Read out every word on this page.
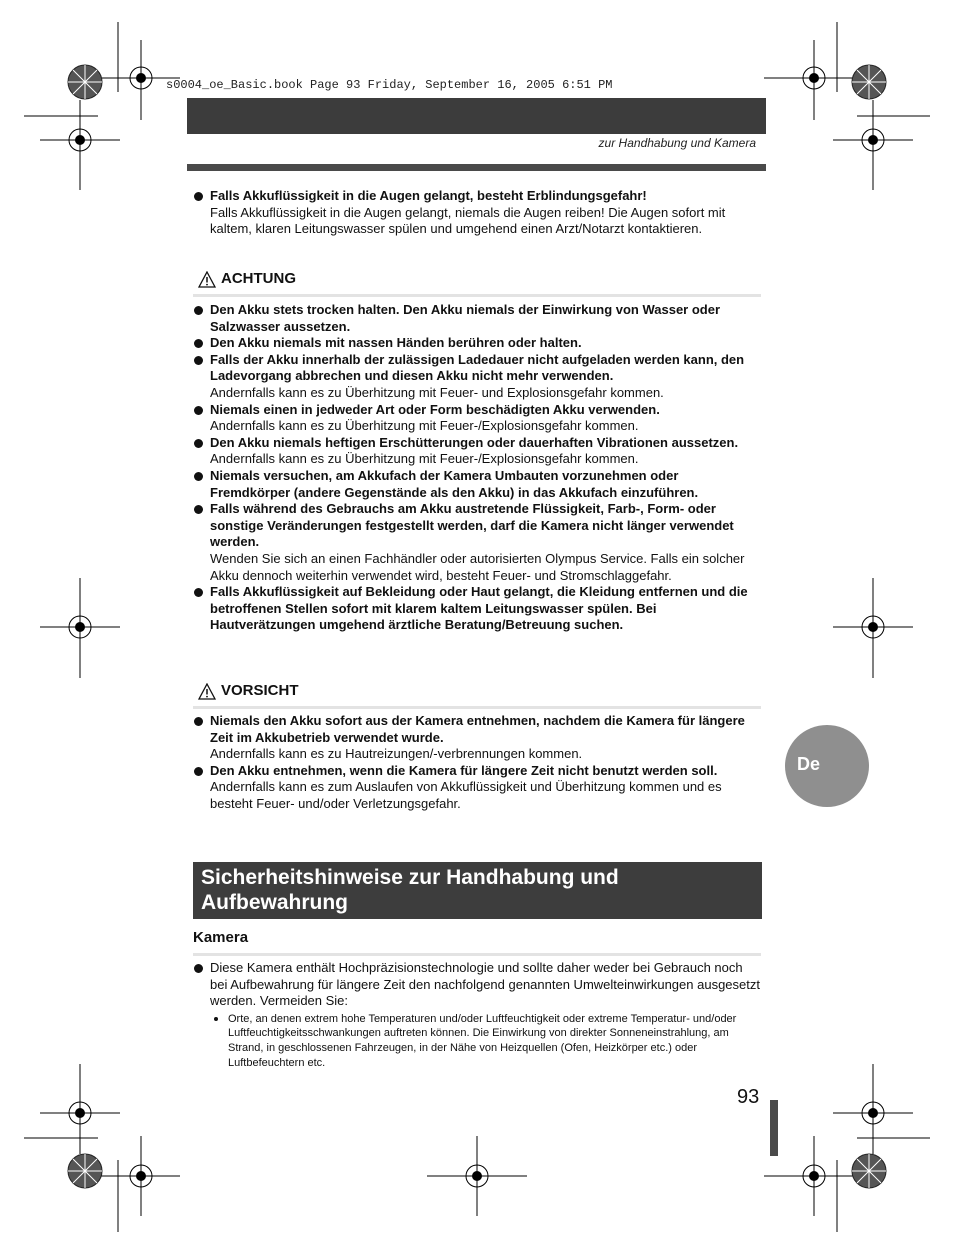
s0004_oe_Basic.book Page 93 Friday, September 16, 2005 6:51 PM
zur Handhabung und Kamera
Falls Akkuflüssigkeit in die Augen gelangt, besteht Erblindungsgefahr!
Falls Akkuflüssigkeit in die Augen gelangt, niemals die Augen reiben! Die Augen sofort mit kaltem, klaren Leitungswasser spülen und umgehend einen Arzt/Notarzt kontaktieren.
ACHTUNG
Den Akku stets trocken halten. Den Akku niemals der Einwirkung von Wasser oder Salzwasser aussetzen.
Den Akku niemals mit nassen Händen berühren oder halten.
Falls der Akku innerhalb der zulässigen Ladedauer nicht aufgeladen werden kann, den Ladevorgang abbrechen und diesen Akku nicht mehr verwenden.
Andernfalls kann es zu Überhitzung mit Feuer- und Explosionsgefahr kommen.
Niemals einen in jedweder Art oder Form beschädigten Akku verwenden.
Andernfalls kann es zu Überhitzung mit Feuer-/Explosionsgefahr kommen.
Den Akku niemals heftigen Erschütterungen oder dauerhaften Vibrationen aussetzen.
Andernfalls kann es zu Überhitzung mit Feuer-/Explosionsgefahr kommen.
Niemals versuchen, am Akkufach der Kamera Umbauten vorzunehmen oder Fremdkörper (andere Gegenstände als den Akku) in das Akkufach einzuführen.
Falls während des Gebrauchs am Akku austretende Flüssigkeit, Farb-, Form- oder sonstige Veränderungen festgestellt werden, darf die Kamera nicht länger verwendet werden.
Wenden Sie sich an einen Fachhändler oder autorisierten Olympus Service. Falls ein solcher Akku dennoch weiterhin verwendet wird, besteht Feuer- und Stromschlaggefahr.
Falls Akkuflüssigkeit auf Bekleidung oder Haut gelangt, die Kleidung entfernen und die betroffenen Stellen sofort mit klarem kaltem Leitungswasser spülen. Bei Hautverätzungen umgehend ärztliche Beratung/Betreuung suchen.
VORSICHT
Niemals den Akku sofort aus der Kamera entnehmen, nachdem die Kamera für längere Zeit im Akkubetrieb verwendet wurde.
Andernfalls kann es zu Hautreizungen/-verbrennungen kommen.
Den Akku entnehmen, wenn die Kamera für längere Zeit nicht benutzt werden soll.
Andernfalls kann es zum Auslaufen von Akkuflüssigkeit und Überhitzung kommen und es besteht Feuer- und/oder Verletzungsgefahr.
Sicherheitshinweise zur Handhabung und Aufbewahrung
Kamera
Diese Kamera enthält Hochpräzisionstechnologie und sollte daher weder bei Gebrauch noch bei Aufbewahrung für längere Zeit den nachfolgend genannten Umwelteinwirkungen ausgesetzt werden. Vermeiden Sie:
Orte, an denen extrem hohe Temperaturen und/oder Luftfeuchtigkeit oder extreme Temperatur- und/oder Luftfeuchtigkeitsschwankungen auftreten können. Die Einwirkung von direkter Sonneneinstrahlung, am Strand, in geschlossenen Fahrzeugen, in der Nähe von Heizquellen (Ofen, Heizkörper etc.) oder Luftbefeuchtern etc.
De
93
